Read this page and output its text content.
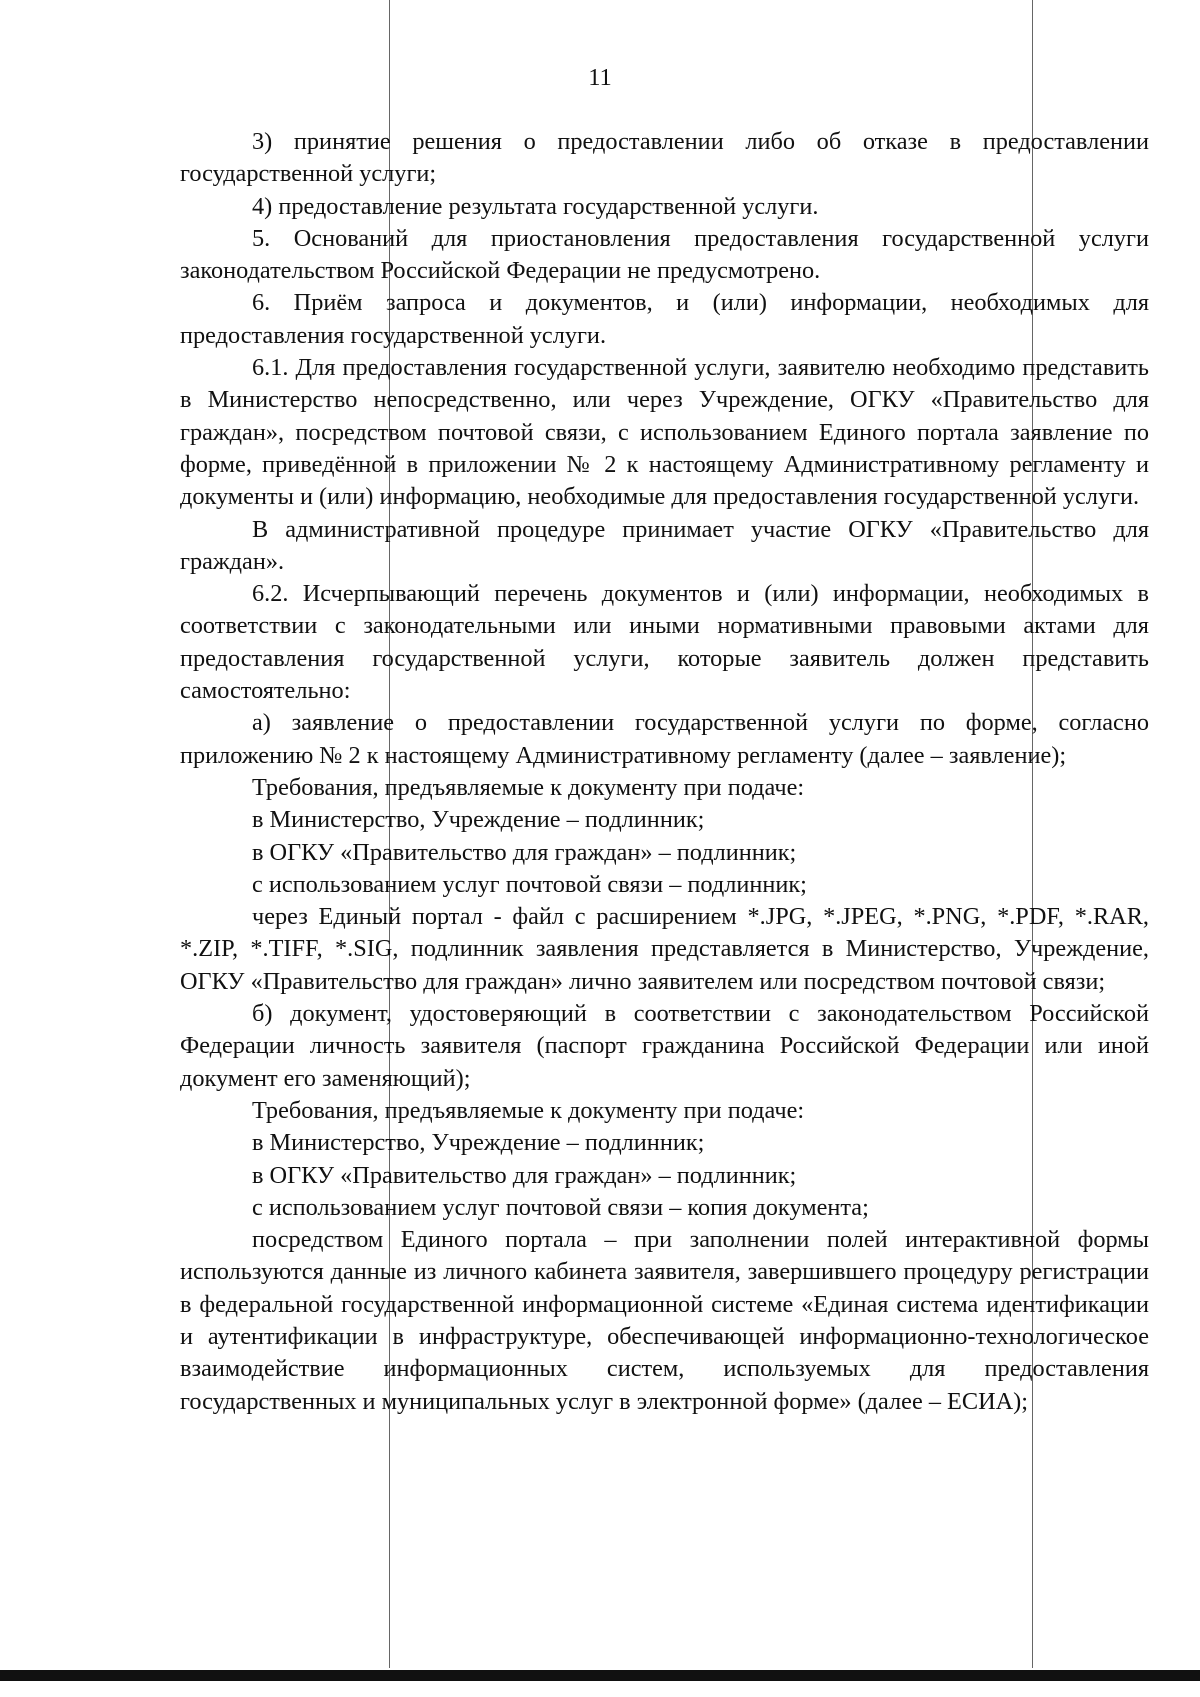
11

3) принятие решения о предоставлении либо об отказе в предоставлении государственной услуги;

4) предоставление результата государственной услуги.

5. Оснований для приостановления предоставления государственной услуги законодательством Российской Федерации не предусмотрено.

6. Приём запроса и документов, и (или) информации, необходимых для предоставления государственной услуги.

6.1. Для предоставления государственной услуги, заявителю необходимо представить в Министерство непосредственно, или через Учреждение, ОГКУ «Правительство для граждан», посредством почтовой связи, с использованием Единого портала заявление по форме, приведённой в приложении № 2 к настоящему Административному регламенту и документы и (или) информацию, необходимые для предоставления государственной услуги.

В административной процедуре принимает участие ОГКУ «Правительство для граждан».

6.2. Исчерпывающий перечень документов и (или) информации, необходимых в соответствии с законодательными или иными нормативными правовыми актами для предоставления государственной услуги, которые заявитель должен представить самостоятельно:

а) заявление о предоставлении государственной услуги по форме, согласно приложению № 2 к настоящему Административному регламенту (далее – заявление);

Требования, предъявляемые к документу при подаче:

в Министерство, Учреждение – подлинник;

в ОГКУ «Правительство для граждан» – подлинник;

с использованием услуг почтовой связи – подлинник;

через Единый портал - файл с расширением *.JPG, *.JPEG, *.PNG, *.PDF, *.RAR, *.ZIP, *.TIFF, *.SIG, подлинник заявления представляется в Министерство, Учреждение, ОГКУ «Правительство для граждан» лично заявителем или посредством почтовой связи;

б) документ, удостоверяющий в соответствии с законодательством Российской Федерации личность заявителя (паспорт гражданина Российской Федерации или иной документ его заменяющий);

Требования, предъявляемые к документу при подаче:

в Министерство, Учреждение – подлинник;

в ОГКУ «Правительство для граждан» – подлинник;

с использованием услуг почтовой связи – копия документа;

посредством Единого портала – при заполнении полей интерактивной формы используются данные из личного кабинета заявителя, завершившего процедуру регистрации в федеральной государственной информационной системе «Единая система идентификации и аутентификации в инфраструктуре, обеспечивающей информационно-технологическое взаимодействие информационных систем, используемых для предоставления государственных и муниципальных услуг в электронной форме» (далее – ЕСИА);
